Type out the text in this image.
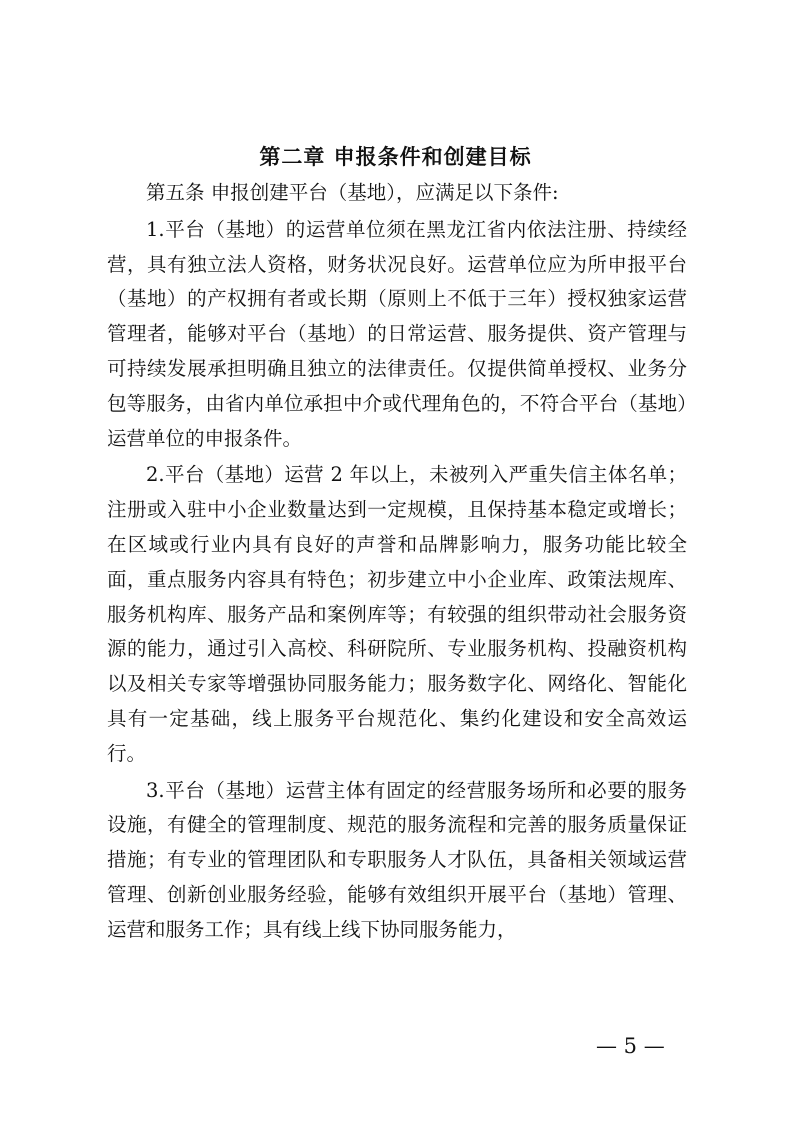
第二章 申报条件和创建目标

第五条 申报创建平台（基地），应满足以下条件:

1.平台（基地）的运营单位须在黑龙江省内依法注册、持续经营，具有独立法人资格，财务状况良好。运营单位应为所申报平台（基地）的产权拥有者或长期（原则上不低于三年）授权独家运营管理者，能够对平台（基地）的日常运营、服务提供、资产管理与可持续发展承担明确且独立的法律责任。仅提供简单授权、业务分包等服务，由省内单位承担中介或代理角色的，不符合平台（基地）运营单位的申报条件。

2.平台（基地）运营 2 年以上，未被列入严重失信主体名单；注册或入驻中小企业数量达到一定规模，且保持基本稳定或增长；在区域或行业内具有良好的声誉和品牌影响力，服务功能比较全面，重点服务内容具有特色；初步建立中小企业库、政策法规库、服务机构库、服务产品和案例库等；有较强的组织带动社会服务资源的能力，通过引入高校、科研院所、专业服务机构、投融资机构以及相关专家等增强协同服务能力；服务数字化、网络化、智能化具有一定基础，线上服务平台规范化、集约化建设和安全高效运行。

3.平台（基地）运营主体有固定的经营服务场所和必要的服务设施，有健全的管理制度、规范的服务流程和完善的服务质量保证措施；有专业的管理团队和专职服务人才队伍，具备相关领域运营管理、创新创业服务经验，能够有效组织开展平台（基地）管理、运营和服务工作；具有线上线下协同服务能力，

— 5 —
